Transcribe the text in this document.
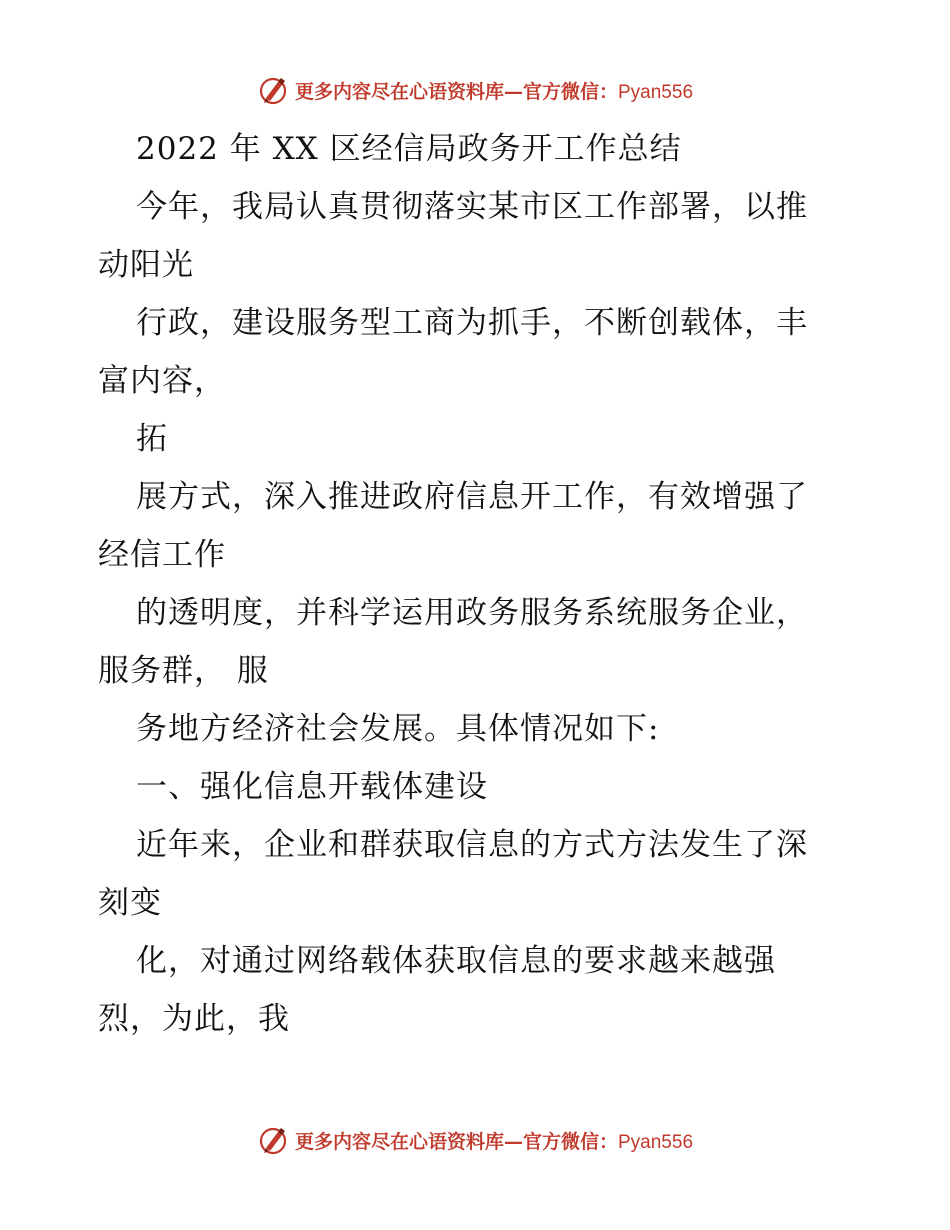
更多内容尽在心语资料库—官方微信：Pyan556
2022 年 XX 区经信局政务开工作总结
今年，我局认真贯彻落实某市区工作部署，以推
动阳光
行政，建设服务型工商为抓手，不断创载体，丰
富内容，
拓
展方式，深入推进政府信息开工作，有效增强了
经信工作
的透明度，并科学运用政务服务系统服务企业，
服务群， 服
务地方经济社会发展。具体情况如下:
一、强化信息开载体建设
近年来，企业和群获取信息的方式方法发生了深
刻变
化，对通过网络载体获取信息的要求越来越强
烈，为此，我
更多内容尽在心语资料库—官方微信：Pyan556
